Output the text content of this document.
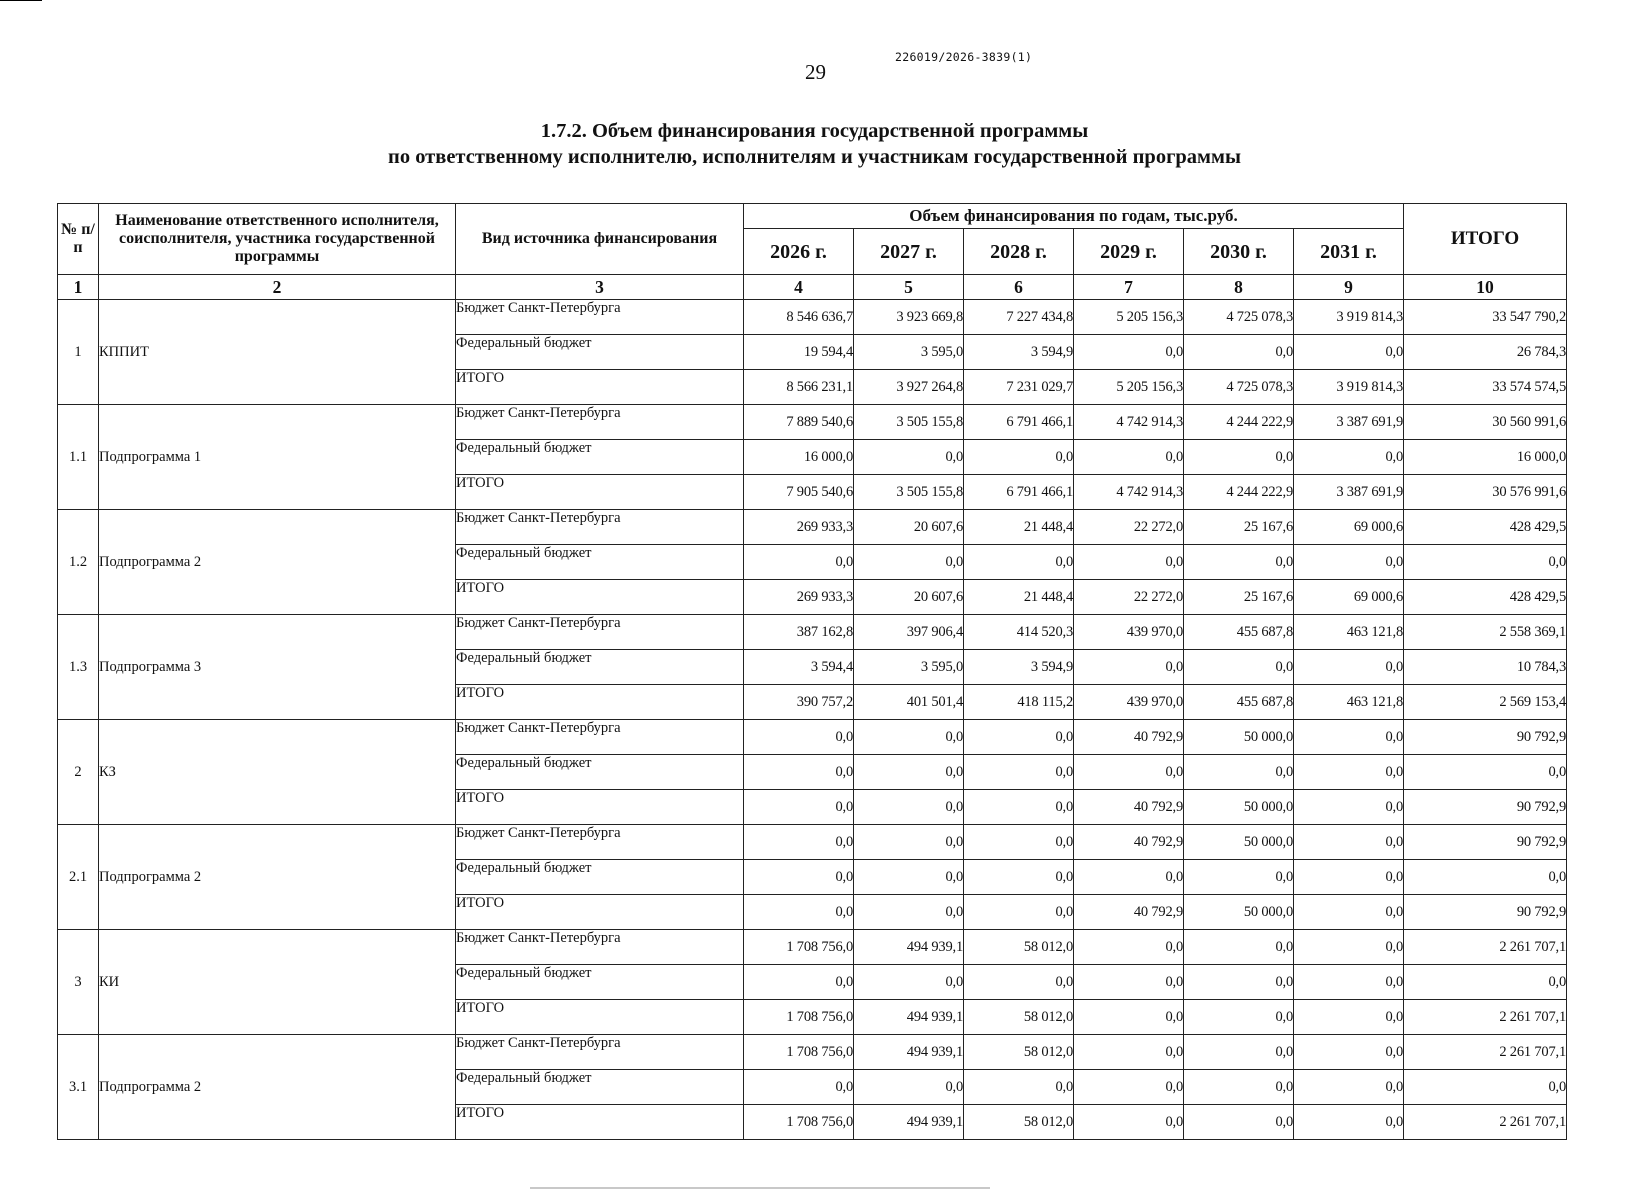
29
226019/2026-3839(1)
1.7.2. Объем финансирования государственной программы
по ответственному исполнителю, исполнителям и участникам государственной программы
№ п/п	Наименование ответственного исполнителя, соисполнителя, участника государственной программы	Вид источника финансирования	Объем финансирования по годам, тыс.руб.						ИТОГО
			2026 г.	2027 г.	2028 г.	2029 г.	2030 г.	2031 г.	
1	2	3	4	5	6	7	8	9	10
1	КППИТ	Бюджет Санкт-Петербурга	8 546 636,7	3 923 669,8	7 227 434,8	5 205 156,3	4 725 078,3	3 919 814,3	33 547 790,2
		Федеральный бюджет	19 594,4	3 595,0	3 594,9	0,0	0,0	0,0	26 784,3
		ИТОГО	8 566 231,1	3 927 264,8	7 231 029,7	5 205 156,3	4 725 078,3	3 919 814,3	33 574 574,5
1.1	Подпрограмма 1	Бюджет Санкт-Петербурга	7 889 540,6	3 505 155,8	6 791 466,1	4 742 914,3	4 244 222,9	3 387 691,9	30 560 991,6
		Федеральный бюджет	16 000,0	0,0	0,0	0,0	0,0	0,0	16 000,0
		ИТОГО	7 905 540,6	3 505 155,8	6 791 466,1	4 742 914,3	4 244 222,9	3 387 691,9	30 576 991,6
1.2	Подпрограмма 2	Бюджет Санкт-Петербурга	269 933,3	20 607,6	21 448,4	22 272,0	25 167,6	69 000,6	428 429,5
		Федеральный бюджет	0,0	0,0	0,0	0,0	0,0	0,0	0,0
		ИТОГО	269 933,3	20 607,6	21 448,4	22 272,0	25 167,6	69 000,6	428 429,5
1.3	Подпрограмма 3	Бюджет Санкт-Петербурга	387 162,8	397 906,4	414 520,3	439 970,0	455 687,8	463 121,8	2 558 369,1
		Федеральный бюджет	3 594,4	3 595,0	3 594,9	0,0	0,0	0,0	10 784,3
		ИТОГО	390 757,2	401 501,4	418 115,2	439 970,0	455 687,8	463 121,8	2 569 153,4
2	КЗ	Бюджет Санкт-Петербурга	0,0	0,0	0,0	40 792,9	50 000,0	0,0	90 792,9
		Федеральный бюджет	0,0	0,0	0,0	0,0	0,0	0,0	0,0
		ИТОГО	0,0	0,0	0,0	40 792,9	50 000,0	0,0	90 792,9
2.1	Подпрограмма 2	Бюджет Санкт-Петербурга	0,0	0,0	0,0	40 792,9	50 000,0	0,0	90 792,9
		Федеральный бюджет	0,0	0,0	0,0	0,0	0,0	0,0	0,0
		ИТОГО	0,0	0,0	0,0	40 792,9	50 000,0	0,0	90 792,9
3	КИ	Бюджет Санкт-Петербурга	1 708 756,0	494 939,1	58 012,0	0,0	0,0	0,0	2 261 707,1
		Федеральный бюджет	0,0	0,0	0,0	0,0	0,0	0,0	0,0
		ИТОГО	1 708 756,0	494 939,1	58 012,0	0,0	0,0	0,0	2 261 707,1
3.1	Подпрограмма 2	Бюджет Санкт-Петербурга	1 708 756,0	494 939,1	58 012,0	0,0	0,0	0,0	2 261 707,1
		Федеральный бюджет	0,0	0,0	0,0	0,0	0,0	0,0	0,0
		ИТОГО	1 708 756,0	494 939,1	58 012,0	0,0	0,0	0,0	2 261 707,1
